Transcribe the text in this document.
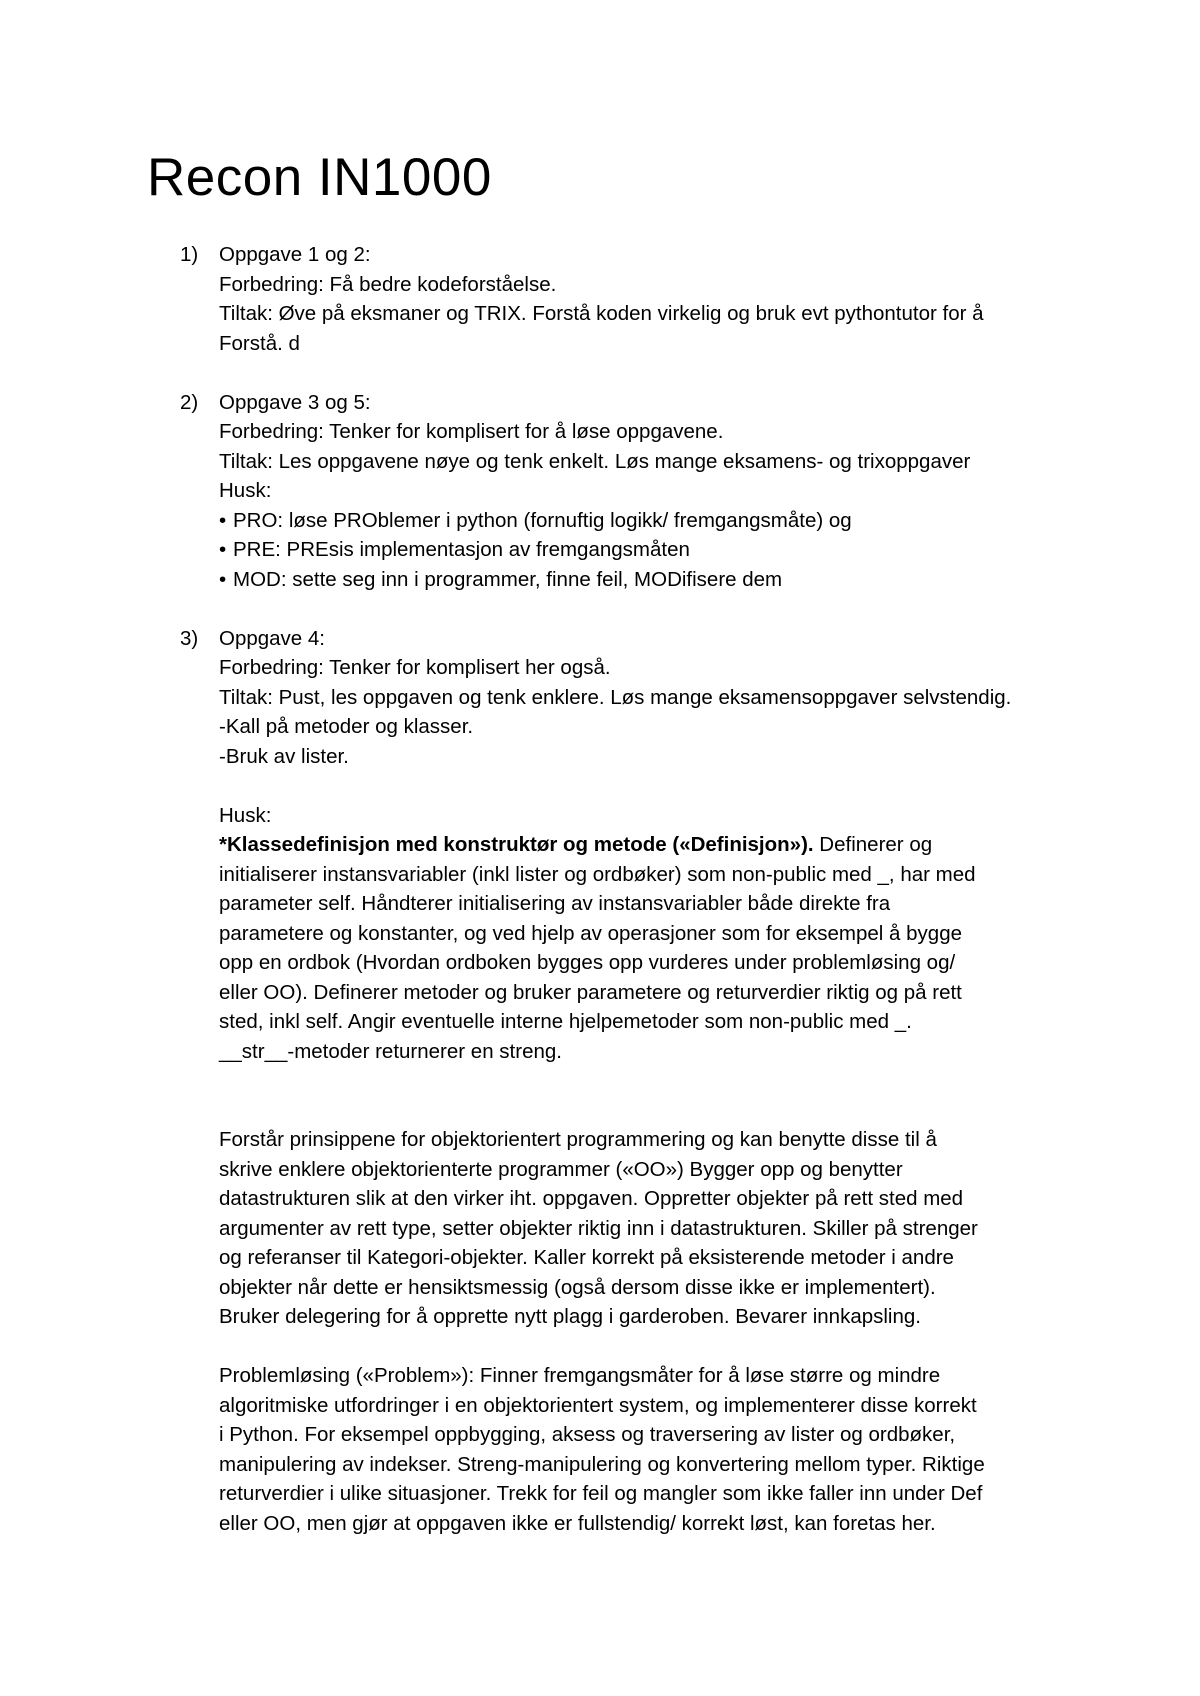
Recon IN1000
1)	Oppgave 1 og 2:
Forbedring: Få bedre kodeforståelse.
Tiltak: Øve på eksmaner og TRIX. Forstå koden virkelig og bruk evt pythontutor for å
Forstå. d
2)	Oppgave 3 og 5:
Forbedring: Tenker for komplisert for å løse oppgavene.
Tiltak: Les oppgavene nøye og tenk enkelt. Løs mange eksamens- og trixoppgaver
Husk:
• PRO: løse PROblemer i python (fornuftig logikk/ fremgangsmåte) og
• PRE: PREsis implementasjon av fremgangsmåten
• MOD: sette seg inn i programmer, finne feil, MODifisere dem
3)	Oppgave 4:
Forbedring: Tenker for komplisert her også.
Tiltak: Pust, les oppgaven og tenk enklere. Løs mange eksamensoppgaver selvstendig.
-Kall på metoder og klasser.
-Bruk av lister.
Husk:
*Klassedefinisjon med konstruktør og metode («Definisjon»). Definerer og
initialiserer instansvariabler (inkl lister og ordbøker) som non-public med _, har med
parameter self. Håndterer initialisering av instansvariabler både direkte fra
parametere og konstanter, og ved hjelp av operasjoner som for eksempel å bygge
opp en ordbok (Hvordan ordboken bygges opp vurderes under problemløsing og/
eller OO). Definerer metoder og bruker parametere og returverdier riktig og på rett
sted, inkl self. Angir eventuelle interne hjelpemetoder som non-public med _.
__str__-metoder returnerer en streng.
Forstår prinsippene for objektorientert programmering og kan benytte disse til å
skrive enklere objektorienterte programmer («OO») Bygger opp og benytter
datastrukturen slik at den virker iht. oppgaven. Oppretter objekter på rett sted med
argumenter av rett type, setter objekter riktig inn i datastrukturen. Skiller på strenger
og referanser til Kategori-objekter. Kaller korrekt på eksisterende metoder i andre
objekter når dette er hensiktsmessig (også dersom disse ikke er implementert).
Bruker delegering for å opprette nytt plagg i garderoben. Bevarer innkapsling.
Problemløsing («Problem»): Finner fremgangsmåter for å løse større og mindre
algoritmiske utfordringer i en objektorientert system, og implementerer disse korrekt
i Python. For eksempel oppbygging, aksess og traversering av lister og ordbøker,
manipulering av indekser. Streng-manipulering og konvertering mellom typer. Riktige
returverdier i ulike situasjoner. Trekk for feil og mangler som ikke faller inn under Def
eller OO, men gjør at oppgaven ikke er fullstendig/ korrekt løst, kan foretas her.
